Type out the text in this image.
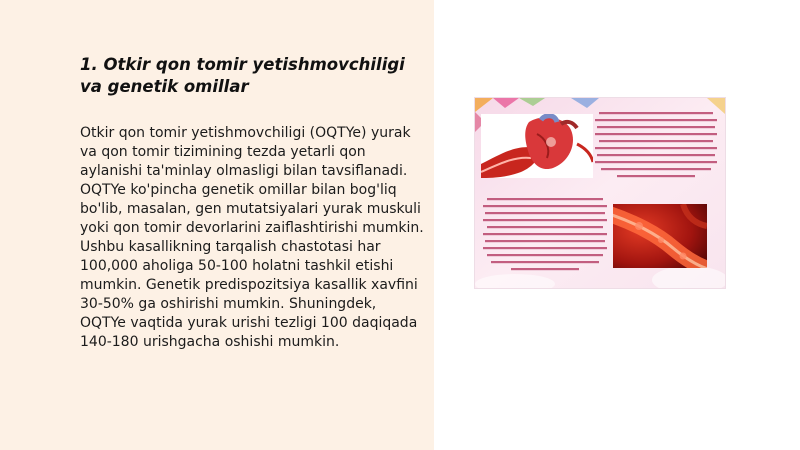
1. Otkir qon tomir yetishmovchiligi va genetik omillar

Otkir qon tomir yetishmovchiligi (OQTYe) yurak va qon tomir tizimining tezda yetarli qon aylanishi ta'minlay olmasligi bilan tavsiflanadi. OQTYe ko'pincha genetik omillar bilan bog'liq bo'lib, masalan, gen mutatsiyalari yurak muskuli yoki qon tomir devorlarini zaiflashtirishi mumkin. Ushbu kasallikning tarqalish chastotasi har 100,000 aholiga 50-100 holatni tashkil etishi mumkin. Genetik predispozitsiya kasallik xavfini 30-50% ga oshirishi mumkin. Shuningdek, OQTYe vaqtida yurak urishi tezligi 100 daqiqada 140-180 urishgacha oshishi mumkin.
